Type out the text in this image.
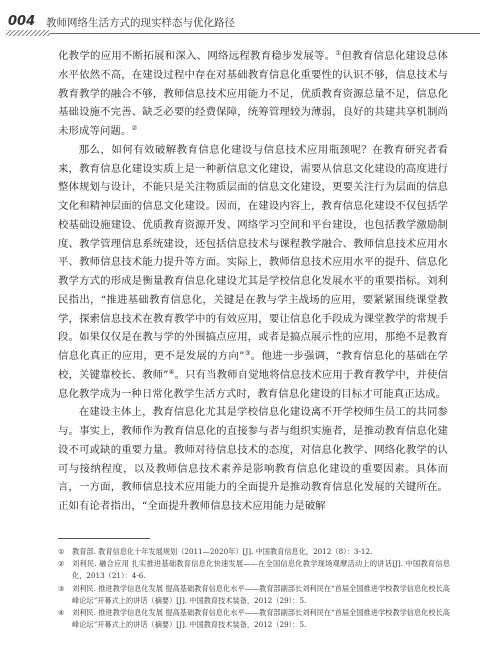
004 教师网络生活方式的现实样态与优化路径

化教学的应用不断拓展和深入、网络远程教育稳步发展等。①但教育信息化建设总体水平依然不高，在建设过程中存在对基础教育信息化重要性的认识不够，信息技术与教育教学的融合不够，教师信息技术应用能力不足，优质教育资源总量不足，信息化基础设施不完善、缺乏必要的经费保障，统筹管理较为薄弱，良好的共建共享机制尚未形成等问题。②

那么，如何有效破解教育信息化建设与信息技术应用瓶颈呢？在教育研究者看来，教育信息化建设实质上是一种新信息文化建设，需要从信息文化建设的高度进行整体规划与设计，不能只是关注物质层面的信息文化建设，更要关注行为层面的信息文化和精神层面的信息文化建设。因而，在建设内容上，教育信息化建设不仅包括学校基础设施建设、优质教育资源开发、网络学习空间和平台建设，也包括教学激励制度、教学管理信息系统建设，还包括信息技术与课程教学融合、教师信息技术应用水平、教师信息技术能力提升等方面。实际上，教师信息技术应用水平的提升、信息化教学方式的形成是衡量教育信息化建设尤其是学校信息化发展水平的重要指标。刘利民指出，“推进基础教育信息化，关键是在教与学主战场的应用，要紧紧围绕课堂教学，探索信息技术在教育教学中的有效应用，要让信息化手段成为课堂教学的常规手段。如果仅仅是在教与学的外围搞点应用，或者是搞点展示性的应用，那绝不是教育信息化真正的应用，更不是发展的方向”③。他进一步强调，“教育信息化的基础在学校，关键靠校长、教师”④。只有当教师自觉地将信息技术应用于教育教学中，并使信息化教学成为一种日常化教学生活方式时，教育信息化建设的目标才可能真正达成。

在建设主体上，教育信息化尤其是学校信息化建设离不开学校师生员工的共同参与。事实上，教师作为教育信息化的直接参与者与组织实施者，是推动教育信息化建设不可或缺的重要力量。教师对待信息技术的态度，对信息化教学、网络化教学的认可与接纳程度，以及教师信息技术素养是影响教育信息化建设的重要因素。具体而言，一方面，教师信息技术应用能力的全面提升是推动教育信息化发展的关键所在。正如有论者指出，“全面提升教师信息技术应用能力是破解

①	教育部. 教育信息化十年发展规划（2011—2020年）[J]. 中国教育信息化，2012（8）：3-12.
②	刘利民. 融合应用 扎实推进基础教育信息化快速发展——在全国信息化教学现场观摩活动上的讲话[J]. 中国教育信息化，2013（21）：4-6.
③	刘利民. 推进教学信息化发展 提高基础教育信息化水平——教育部副部长刘利民在“首届全国推进学校教学信息化校长高峰论坛”开幕式上的讲话（摘要）[J]. 中国教育技术装备，2012（29）：5.
④	刘利民. 推进教学信息化发展 提高基础教育信息化水平——教育部副部长刘利民在“首届全国推进学校教学信息化校长高峰论坛”开幕式上的讲话（摘要）[J]. 中国教育技术装备，2012（29）：5.
